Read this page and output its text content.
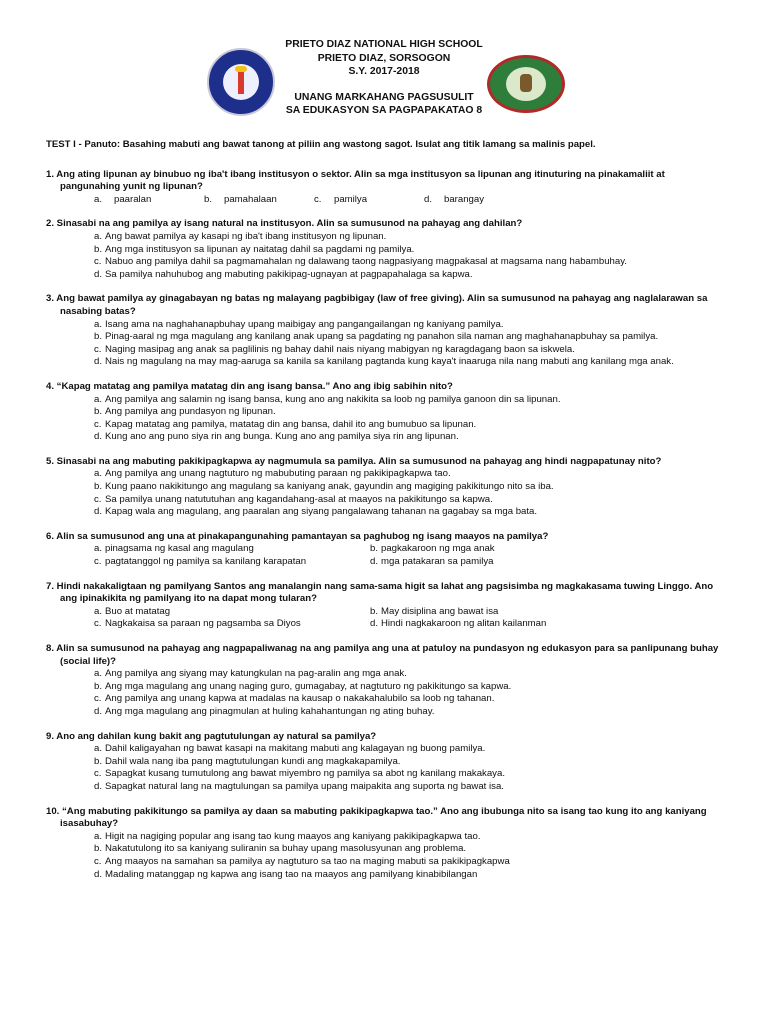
PRIETO DIAZ NATIONAL HIGH SCHOOL
PRIETO DIAZ, SORSOGON
S.Y. 2017-2018
UNANG MARKAHANG PAGSUSULIT
SA EDUKASYON SA PAGPAPAKATAO 8
TEST I - Panuto: Basahing mabuti ang bawat tanong at piliin ang wastong sagot. Isulat ang titik lamang sa malinis papel.
1. Ang ating lipunan ay binubuo ng iba't ibang institusyon o sektor. Alin sa mga institusyon sa lipunan ang itinuturing na pinakamaliit at pangunahing yunit ng lipunan?
a.	paaralan	b.	pamahalaan	c.	pamilya	d.	barangay
2. Sinasabi na ang pamilya ay isang natural na institusyon. Alin sa sumusunod na pahayag ang dahilan?
a. Ang bawat pamilya ay kasapi ng iba't ibang institusyon ng lipunan.
b. Ang mga institusyon sa lipunan ay naitatag dahil sa pagdami ng pamilya.
c. Nabuo ang pamilya dahil sa pagmamahalan ng dalawang taong nagpasiyang magpakasal at magsama nang habambuhay.
d. Sa pamilya nahuhubog ang mabuting pakikipag-ugnayan at pagpapahalaga sa kapwa.
3. Ang bawat pamilya ay ginagabayan ng batas ng malayang pagbibigay (law of free giving). Alin sa sumusunod na pahayag ang naglalarawan sa nasabing batas?
a. Isang ama na naghahanapbuhay upang maibigay ang pangangailangan ng kaniyang pamilya.
b. Pinag-aaral ng mga magulang ang kanilang anak upang sa pagdating ng panahon sila naman ang maghahanapbuhay sa pamilya.
c. Naging masipag ang anak sa paglilinis ng bahay dahil nais niyang mabigyan ng karagdagang baon sa iskwela.
d. Nais ng magulang na may mag-aaruga sa kanila sa kanilang pagtanda kung kaya't inaaruga nila nang mabuti ang kanilang mga anak.
4. “Kapag matatag ang pamilya matatag din ang isang bansa.” Ano ang ibig sabihin nito?
a. Ang pamilya ang salamin ng isang bansa, kung ano ang nakikita sa loob ng pamilya ganoon din sa lipunan.
b. Ang pamilya ang pundasyon ng lipunan.
c. Kapag matatag ang pamilya, matatag din ang bansa, dahil ito ang bumubuo sa lipunan.
d. Kung ano ang puno siya rin ang bunga. Kung ano ang pamilya siya rin ang lipunan.
5. Sinasabi na ang mabuting pakikipagkapwa ay nagmumula sa pamilya. Alin sa sumusunod na pahayag ang hindi nagpapatunay nito?
a. Ang pamilya ang unang nagtuturo ng mabubuting paraan ng pakikipagkapwa tao.
b. Kung paano nakikitungo ang magulang sa kaniyang anak, gayundin ang magiging pakikitungo nito sa iba.
c. Sa pamilya unang natututuhan ang kagandahang-asal at maayos na pakikitungo sa kapwa.
d. Kapag wala ang magulang, ang paaralan ang siyang pangalawang tahanan na gagabay sa mga bata.
6. Alin sa sumusunod ang una at pinakapangunahing pamantayan sa paghubog ng isang maayos na pamilya?
a. pinagsama ng kasal ang magulang	b. pagkakaroon ng mga anak
c. pagtatanggol ng pamilya sa kanilang karapatan	d. mga patakaran sa pamilya
7. Hindi nakakaligtaan ng pamilyang Santos ang manalangin nang sama-sama higit sa lahat ang pagsisimba ng magkakasama tuwing Linggo. Ano ang ipinakikita ng pamilyang ito na dapat mong tularan?
a. Buo at matatag	b. May disiplina ang bawat isa
c. Nagkakaisa sa paraan ng pagsamba sa Diyos	d. Hindi nagkakaroon ng alitan kailanman
8. Alin sa sumusunod na pahayag ang nagpapaliwanag na ang pamilya ang una at patuloy na pundasyon ng edukasyon para sa panlipunang buhay (social life)?
a. Ang pamilya ang siyang may katungkulan na pag-aralin ang mga anak.
b. Ang mga magulang ang unang naging guro, gumagabay, at nagtuturo ng pakikitungo sa kapwa.
c. Ang pamilya ang unang kapwa at madalas na kausap o nakakahalubilo sa loob ng tahanan.
d. Ang mga magulang ang pinagmulan at huling kahahantungan ng ating buhay.
9. Ano ang dahilan kung bakit ang pagtutulungan ay natural sa pamilya?
a. Dahil kaligayahan ng bawat kasapi na makitang mabuti ang kalagayan ng buong pamilya.
b. Dahil wala nang iba pang magtutulungan kundi ang magkakapamilya.
c. Sapagkat kusang tumutulong ang bawat miyembro ng pamilya sa abot ng kanilang makakaya.
d. Sapagkat natural lang na magtulungan sa pamilya upang maipakita ang suporta ng bawat isa.
10. “Ang mabuting pakikitungo sa pamilya ay daan sa mabuting pakikipagkapwa tao.” Ano ang ibubunga nito sa isang tao kung ito ang kaniyang isasabuhay?
a. Higit na nagiging popular ang isang tao kung maayos ang kaniyang pakikipagkapwa tao.
b. Nakatutulong ito sa kaniyang suliranin sa buhay upang masolusyunan ang problema.
c. Ang maayos na samahan sa pamilya ay nagtuturo sa tao na maging mabuti sa pakikipagkapwa
d. Madaling matanggap ng kapwa ang isang tao na maayos ang pamilyang kinabibilangan
